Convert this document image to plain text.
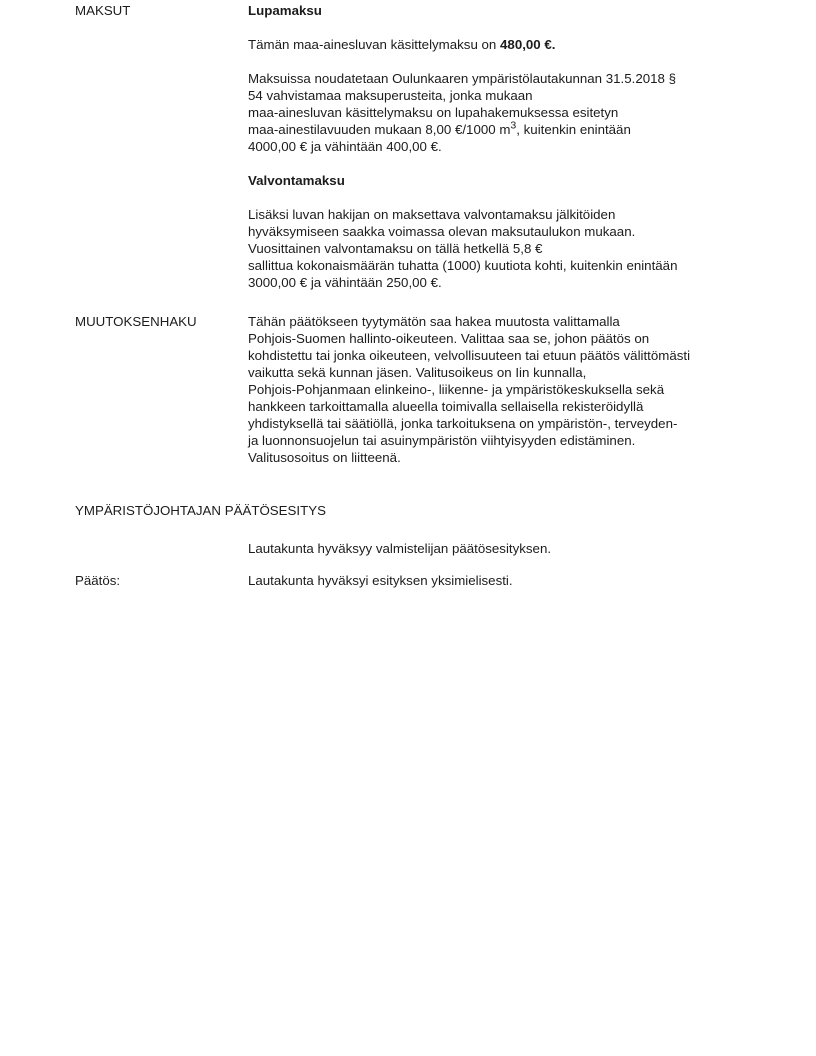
MAKSUT	Lupamaksu
Tämän maa-ainesluvan käsittelymaksu on 480,00 €.
Maksuissa noudatetaan Oulunkaaren ympäristölautakunnan 31.5.2018 §
54 vahvistamaa maksuperusteita, jonka mukaan
maa-ainesluvan käsittelymaksu on lupahakemuksessa esitetyn
maa-ainestilavuuden mukaan 8,00 €/1000 $m^3$, kuitenkin enintään
4000,00 € ja vähintään 400,00 €.
Valvontamaksu
Lisäksi luvan hakijan on maksettava valvontamaksu jälkitöiden
hyväksymiseen saakka voimassa olevan maksutaulukon mukaan.
Vuosittainen valvontamaksu on tällä hetkellä 5,8 €
sallittua kokonaismäärän tuhatta (1000) kuutiota kohti, kuitenkin enintään
3000,00 € ja vähintään 250,00 €.
MUUTOKSENHAKU	Tähän päätökseen tyytymätön saa hakea muutosta valittamalla
Pohjois-Suomen hallinto-oikeuteen. Valittaa saa se, johon päätös on
kohdistettu tai jonka oikeuteen, velvollisuuteen tai etuun päätös välittömästi
vaikutta sekä kunnan jäsen. Valitusoikeus on Iin kunnalla,
Pohjois-Pohjanmaan elinkeino-, liikenne- ja ympäristökeskuksella sekä
hankkeen tarkoittamalla alueella toimivalla sellaisella rekisteröidyllä
yhdistyksellä tai säätiöllä, jonka tarkoituksena on ympäristön-, terveyden-
ja luonnonsuojelun tai asuinympäristön viihtyisyyden edistäminen.
Valitusosoitus on liitteenä.
YMPÄRISTÖJOHTAJAN PÄÄTÖSESITYS
Lautakunta hyväksyy valmistelijan päätösesityksen.
Päätös:	Lautakunta hyväksyi esityksen yksimielisesti.
